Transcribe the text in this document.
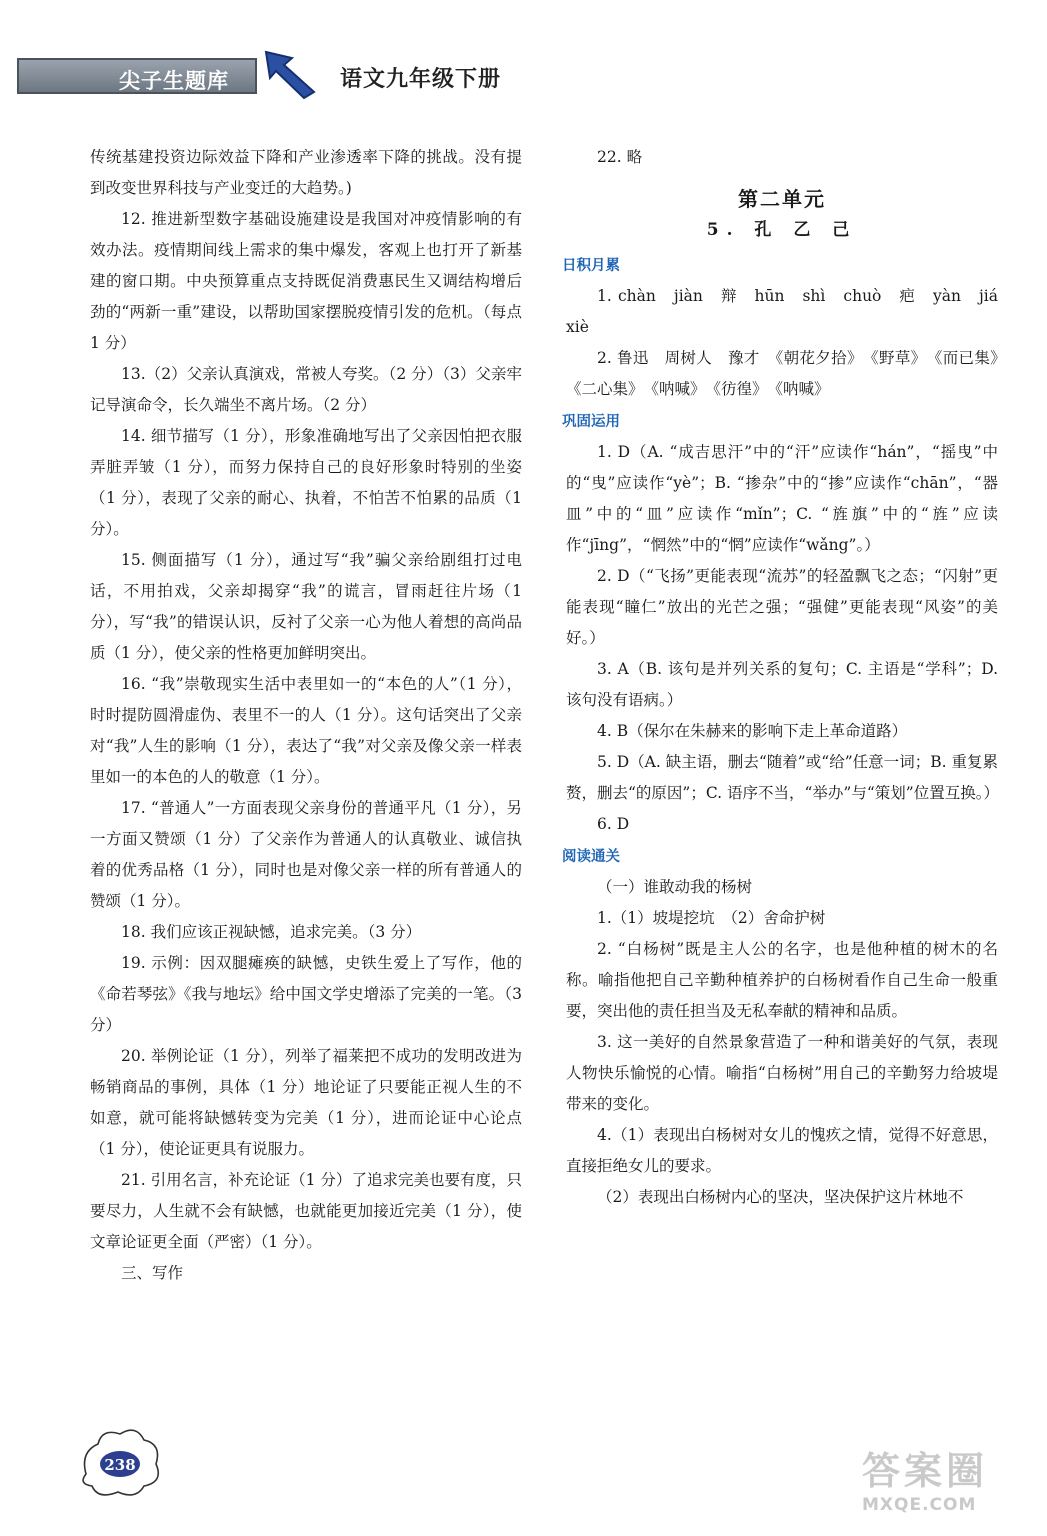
尖子生题库	语文九年级下册

传统基建投资边际效益下降和产业渗透率下降的挑战。没有提到改变世界科技与产业变迁的大趋势。)

12. 推进新型数字基础设施建设是我国对冲疫情影响的有效办法。疫情期间线上需求的集中爆发，客观上也打开了新基建的窗口期。中央预算重点支持既促消费惠民生又调结构增后劲的“两新一重”建设，以帮助国家摆脱疫情引发的危机。（每点 1 分）

13.（2）父亲认真演戏，常被人夸奖。（2 分）（3）父亲牢记导演命令，长久端坐不离片场。（2 分）

14. 细节描写（1 分），形象准确地写出了父亲因怕把衣服弄脏弄皱（1 分），而努力保持自己的良好形象时特别的坐姿（1 分），表现了父亲的耐心、执着，不怕苦不怕累的品质（1 分）。

15. 侧面描写（1 分），通过写“我”骗父亲给剧组打过电话，不用拍戏，父亲却揭穿“我”的谎言，冒雨赶往片场（1 分），写“我”的错误认识，反衬了父亲一心为他人着想的高尚品质（1 分），使父亲的性格更加鲜明突出。

16. “我”崇敬现实生活中表里如一的“本色的人”（1 分），时时提防圆滑虚伪、表里不一的人（1 分）。这句话突出了父亲对“我”人生的影响（1 分），表达了“我”对父亲及像父亲一样表里如一的本色的人的敬意（1 分）。

17. “普通人”一方面表现父亲身份的普通平凡（1 分），另一方面又赞颂（1 分）了父亲作为普通人的认真敬业、诚信执着的优秀品格（1 分），同时也是对像父亲一样的所有普通人的赞颂（1 分）。

18. 我们应该正视缺憾，追求完美。（3 分）

19. 示例：因双腿瘫痪的缺憾，史铁生爱上了写作，他的《命若琴弦》《我与地坛》给中国文学史增添了完美的一笔。（3 分）

20. 举例论证（1 分），列举了福莱把不成功的发明改进为畅销商品的事例，具体（1 分）地论证了只要能正视人生的不如意，就可能将缺憾转变为完美（1 分），进而论证中心论点（1 分），使论证更具有说服力。

21. 引用名言，补充论证（1 分）了追求完美也要有度，只要尽力，人生就不会有缺憾，也就能更加接近完美（1 分），使文章论证更全面（严密）（1 分）。

三、写作

22. 略

第二单元
5. 孔 乙 己
日积月累

1. chàn　jiàn　辩　hūn　shì　chuò　疤　yàn　jiá　xiè

2. 鲁迅　周树人　豫才　《朝花夕拾》　《野草》　《而已集》　《二心集》　《呐喊》　《彷徨》　《呐喊》

巩固运用

1. D（A. “成吉思汗”中的“汗”应读作“hán”，“摇曳”中的“曳”应读作“yè”；B. “掺杂”中的“掺”应读作“chān”，“器皿”中的“皿”应读作“mǐn”；C. “旌旗”中的“旌”应读作“jīng”，“惘然”中的“惘”应读作“wǎng”。）

2. D（“飞扬”更能表现“流苏”的轻盈飘飞之态；“闪射”更能表现“瞳仁”放出的光芒之强；“强健”更能表现“风姿”的美好。）

3. A（B. 该句是并列关系的复句；C. 主语是“学科”；D. 该句没有语病。）

4. B（保尔在朱赫来的影响下走上革命道路）

5. D（A. 缺主语，删去“随着”或“给”任意一词；B. 重复累赘，删去“的原因”；C. 语序不当，“举办”与“策划”位置互换。）

6. D

阅读通关

（一）谁敢动我的杨树

1.（1）坡堤挖坑　（2）舍命护树

2. “白杨树”既是主人公的名字，也是他种植的树木的名称。喻指他把自己辛勤种植养护的白杨树看作自己生命一般重要，突出他的责任担当及无私奉献的精神和品质。

3. 这一美好的自然景象营造了一种和谐美好的气氛，表现人物快乐愉悦的心情。喻指“白杨树”用自己的辛勤努力给坡堤带来的变化。

4.（1）表现出白杨树对女儿的愧疚之情，觉得不好意思，直接拒绝女儿的要求。

（2）表现出白杨树内心的坚决，坚决保护这片林地不

238	答案圈
MXQE.COM
